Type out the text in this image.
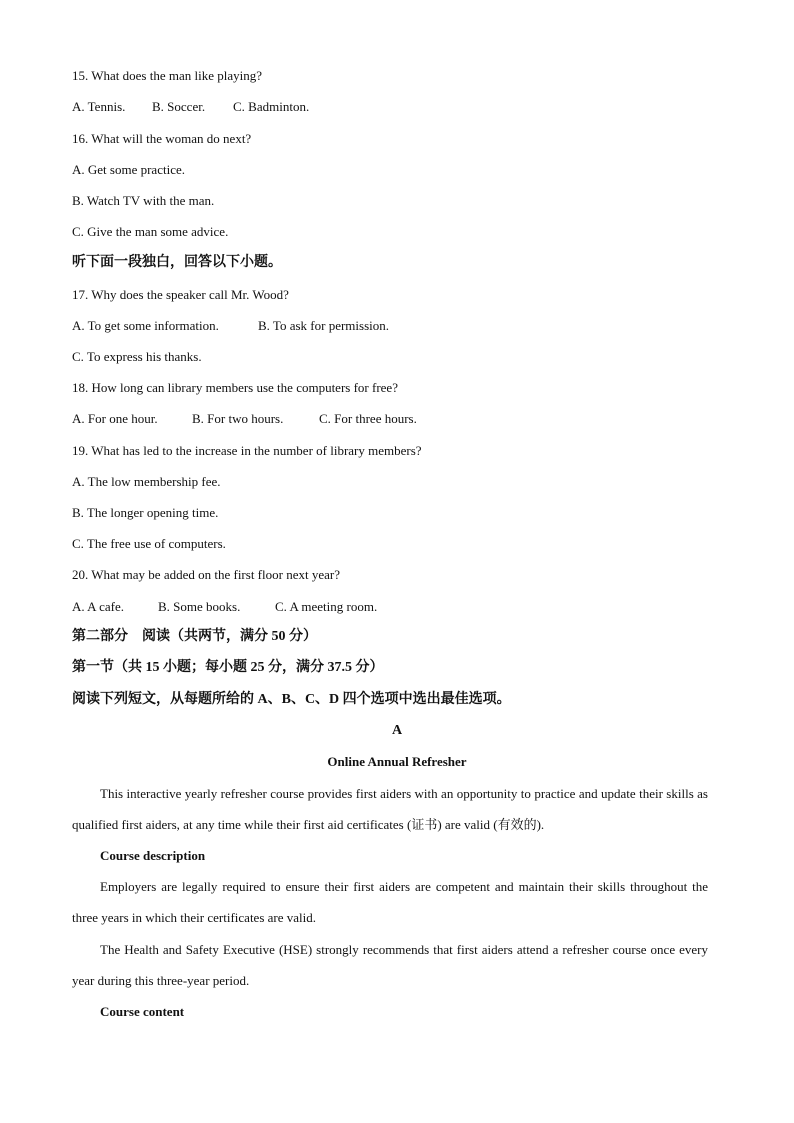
15. What does the man like playing?
A. Tennis. B. Soccer. C. Badminton.
16. What will the woman do next?
A. Get some practice.
B. Watch TV with the man.
C. Give the man some advice.
听下面一段独白，回答以下小题。
17. Why does the speaker call Mr. Wood?
A. To get some information.	B. To ask for permission.
C. To express his thanks.
18. How long can library members use the computers for free?
A. For one hour.	B. For two hours.	C. For three hours.
19. What has led to the increase in the number of library members?
A. The low membership fee.
B. The longer opening time.
C. The free use of computers.
20. What may be added on the first floor next year?
A. A cafe.	B. Some books.	C. A meeting room.
第二部分　阅读（共两节，满分 50 分）
第一节（共 15 小题；每小题 25 分，满分 37.5 分）
阅读下列短文，从每题所给的 A、B、C、D 四个选项中选出最佳选项。
A
Online Annual Refresher
This interactive yearly refresher course provides first aiders with an opportunity to practice and update their skills as qualified first aiders, at any time while their first aid certificates (证书) are valid (有效的).
Course description
Employers are legally required to ensure their first aiders are competent and maintain their skills throughout the three years in which their certificates are valid.
The Health and Safety Executive (HSE) strongly recommends that first aiders attend a refresher course once every year during this three-year period.
Course content
